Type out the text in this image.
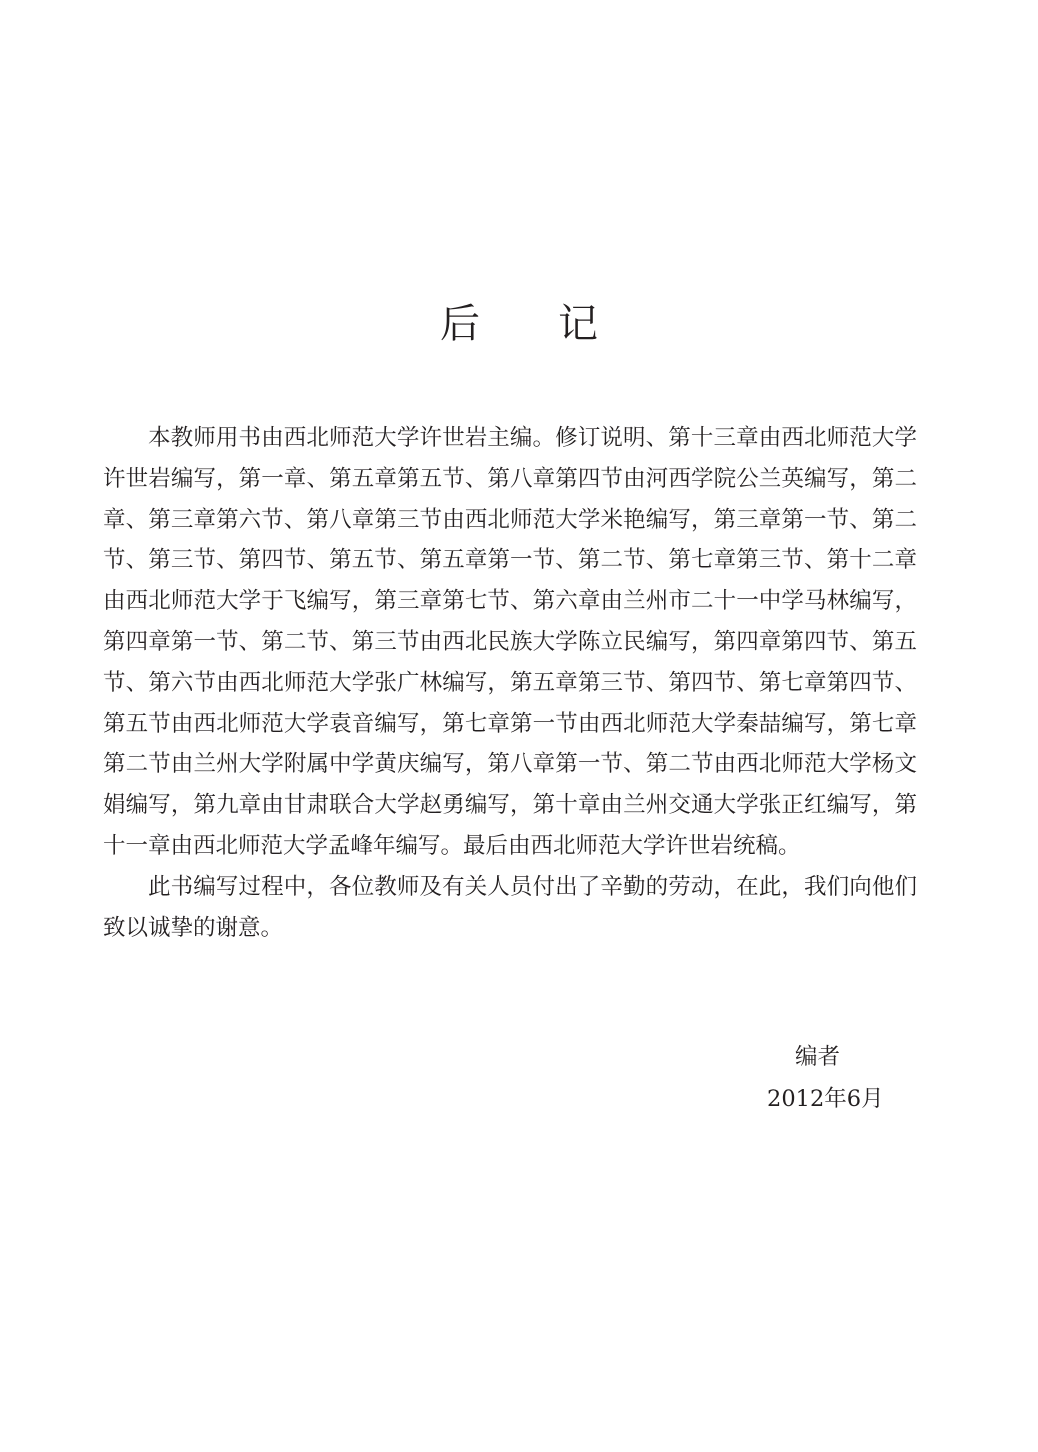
后记

本教师用书由西北师范大学许世岩主编。修订说明、第十三章由西北师范大学许世岩编写，第一章、第五章第五节、第八章第四节由河西学院公兰英编写，第二章、第三章第六节、第八章第三节由西北师范大学米艳编写，第三章第一节、第二节、第三节、第四节、第五节、第五章第一节、第二节、第七章第三节、第十二章由西北师范大学于飞编写，第三章第七节、第六章由兰州市二十一中学马林编写，第四章第一节、第二节、第三节由西北民族大学陈立民编写，第四章第四节、第五节、第六节由西北师范大学张广林编写，第五章第三节、第四节、第七章第四节、第五节由西北师范大学袁音编写，第七章第一节由西北师范大学秦喆编写，第七章第二节由兰州大学附属中学黄庆编写，第八章第一节、第二节由西北师范大学杨文娟编写，第九章由甘肃联合大学赵勇编写，第十章由兰州交通大学张正红编写，第十一章由西北师范大学孟峰年编写。最后由西北师范大学许世岩统稿。

此书编写过程中，各位教师及有关人员付出了辛勤的劳动，在此，我们向他们致以诚挚的谢意。

编者
2012年6月
